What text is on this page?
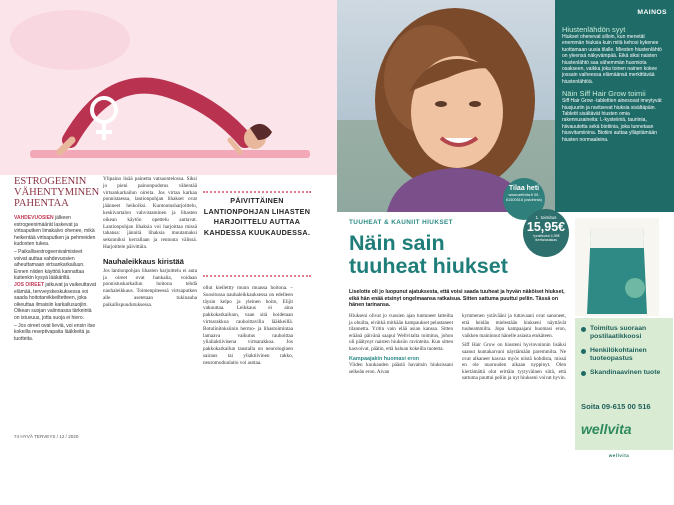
ESTROGEENIN VÄHENTYMINEN PAHENTAA

VAHDEVUOSIEN jälkeen estrogeenimäärät laskevat ja virtsaputken limakalvo ohenee, mikä heikentää virtsaputken ja pehmeiden kudosten tukea.

– Paikallisestrogeenivalmisteet voivat auttaa vahdevuosien aiheuttamaan virtsankarkailuun. Ennen niiden käyttöä kannattaa kuitenkin kysyä lääkäriltä.

JOS OIREET jatkuvat ja vaikeuttavat elämää, tervveyskeskuksessa voi saada hoitotarvikkeiltetteen, joka oikeuttaa ilmaisiin karkailusuojiin. Oikean suojan valinnassa tärkeintä on istuvuus, jotta suoja ei hiero.

– Jos oireet ovat lieviä, voi ensin itse kokeilla reseptivapaita lääkkeitä ja tuotteita.

Ylipaino lisää painetta vatsaontelossa. Siksi jo pieni painonpudotus vähentää virtsankarkailun oireita. Jos virtaa karkaa ponnistaessa, lantionpohjan lihakset ovat jäänneet heikoiksi. Kuntoutusharjoittelu, keskivartalon vahvistaminen ja lihasten oikean käytön opettelu auttavat. Lantionpohjan lihaksia voi harjoittaa missä tahansa: jännitä lihaksia muutamaksi sekunniksi kerrallaan ja rentouta välissä. Harjoittele päivittäin.

Nauhaleikkaus kiristää

Jos lantionpohjan lihasten harjoittelu ei auta ja oireet ovat hankalia, voidaan ponnistuskarkailun hoitona tehdä nauhaleikkaus. Toimenpiteessä virtsaputken alle asetetaan tukinauha paikallispuudutuksessa.

PÄIVITTÄINEN LANTIONPOHJAN LIHASTEN HARJOITTELU AUTTAA KAHDESSA KUUKAUDESSA.

ollut kiellettty muun muassa hoitona. – Suositussa nauhaleikkauksessa on edelleen täysin kelpo ja yleinen hoito, Elijit vakuuttaa. Leikkaus ei aina pakkokarkailuun, vaan sitä hoidetaan virtsarakkoa rauhoittavilla lääkkeillä. Botulinitoksiinin hermo- ja lihastoimintaa lamaava vaikutus rauhoittaa ylialiaktiivisena virtsarakkoa. Jos pakkokarkailun taustalla on neurologinen sairaus tai yliaktiivinen rakko, neuromoduulatio voi auttaa.

74 HYVÄ TERVEYS / 12 / 2020
MAINOS
Hiustenlähdön syyt

Hiukset ohenevat silloin, kun menetät enemmän hiuksia kuin mitä kehosi kykenee tuottamaan uusia tilalle. Miesten hiustenlähtö on yleensä näkyvämpää. Eikä siksi naisten hiustenlähtö saa vähemmän huomiota osakseen, vaikka joka toinen nainen kokee jossain vaiheessa elämäänsä merkittävää hiustenlähtöä.

Näin Siff Hair Grow toimii

Siff Hair Grow -tablettien ainesosat imeytyvät hiusjuuriin ja ravitsevat hiuksia sisältäpäin. Tabletit sisältävät hiusten omia rakennusaineita: L-kysteiiniä, tauriinia, hiivauutetta sekä biotiinia, joka tunnetaan hiusvitamiinina. Biotiini auttaa ylläpitämään hiusten normaaleina.

Tilaa heti
www.wellvita.fi 09-61500516 (ostohinta)
TUUHEAT & KAUNIIT HIUKSET
Näin sain tuuheat hiukset
1. toimitus
15,95€
+postikulut 4,95€ /kerta/asiakas
wellvita
Siff Hair Grow
for Hair, Nails & Skin

Liselotte oli jo luopunut ajatuksesta, että voisi saada tuuheat ja hyvän näköiset hiukset, eikä hän enää etsinyt ongelmaansa ratkaisua. Sitten sattuma puuttui peliin. Tässä on hänen tarinansa.

Hiukseni olivat jo vuosien ajan tuntuneet latteilta ja ohuilta, eivätkä mitkään kampaukset pelastaneet tilannetta. Yritin vain elää asian kanssa. Sitten eräänä päivänä saapui Wellvitalta toimitus, johon oli päätynyt naisten hiuksiin ravinteita. Kun sitten kasvoivat, päätin, että haluan kokeilla tuotetta.

Kampaajakin huomasi eron

Viiden kuukauden päästä havaitsin hiuksissani selkeän eron. Aivan

kymmenen ystävääni ja tuttavaani ovat sanoneet, että heidän mielestään hiukseni näyttävät tuuheammilta. Jopa kampaajani huomasi eron, vaikken maininnut hänelle asiasta etukäteen.

Siff Hair Grow on hiusteni hyvinvoinnin lisäksi saanut kuntakarvani näyttämään paremmilta. Ne ovat alkaneet kasvaa myös niistä kohdista, missä en ole nuoruuden aikaan nyppinyt. Olen kiertämättä olut erittäin tyytyväinen siitä, että sattuma puuttui peliin ja nyt hiukseni voivat hyvin.

Toimitus suoraan postilaatikkoosi
Henkilökohtainen tuoteopastus
Skandinaavinen tuote
Soita 09-615 00 516
wellvita
